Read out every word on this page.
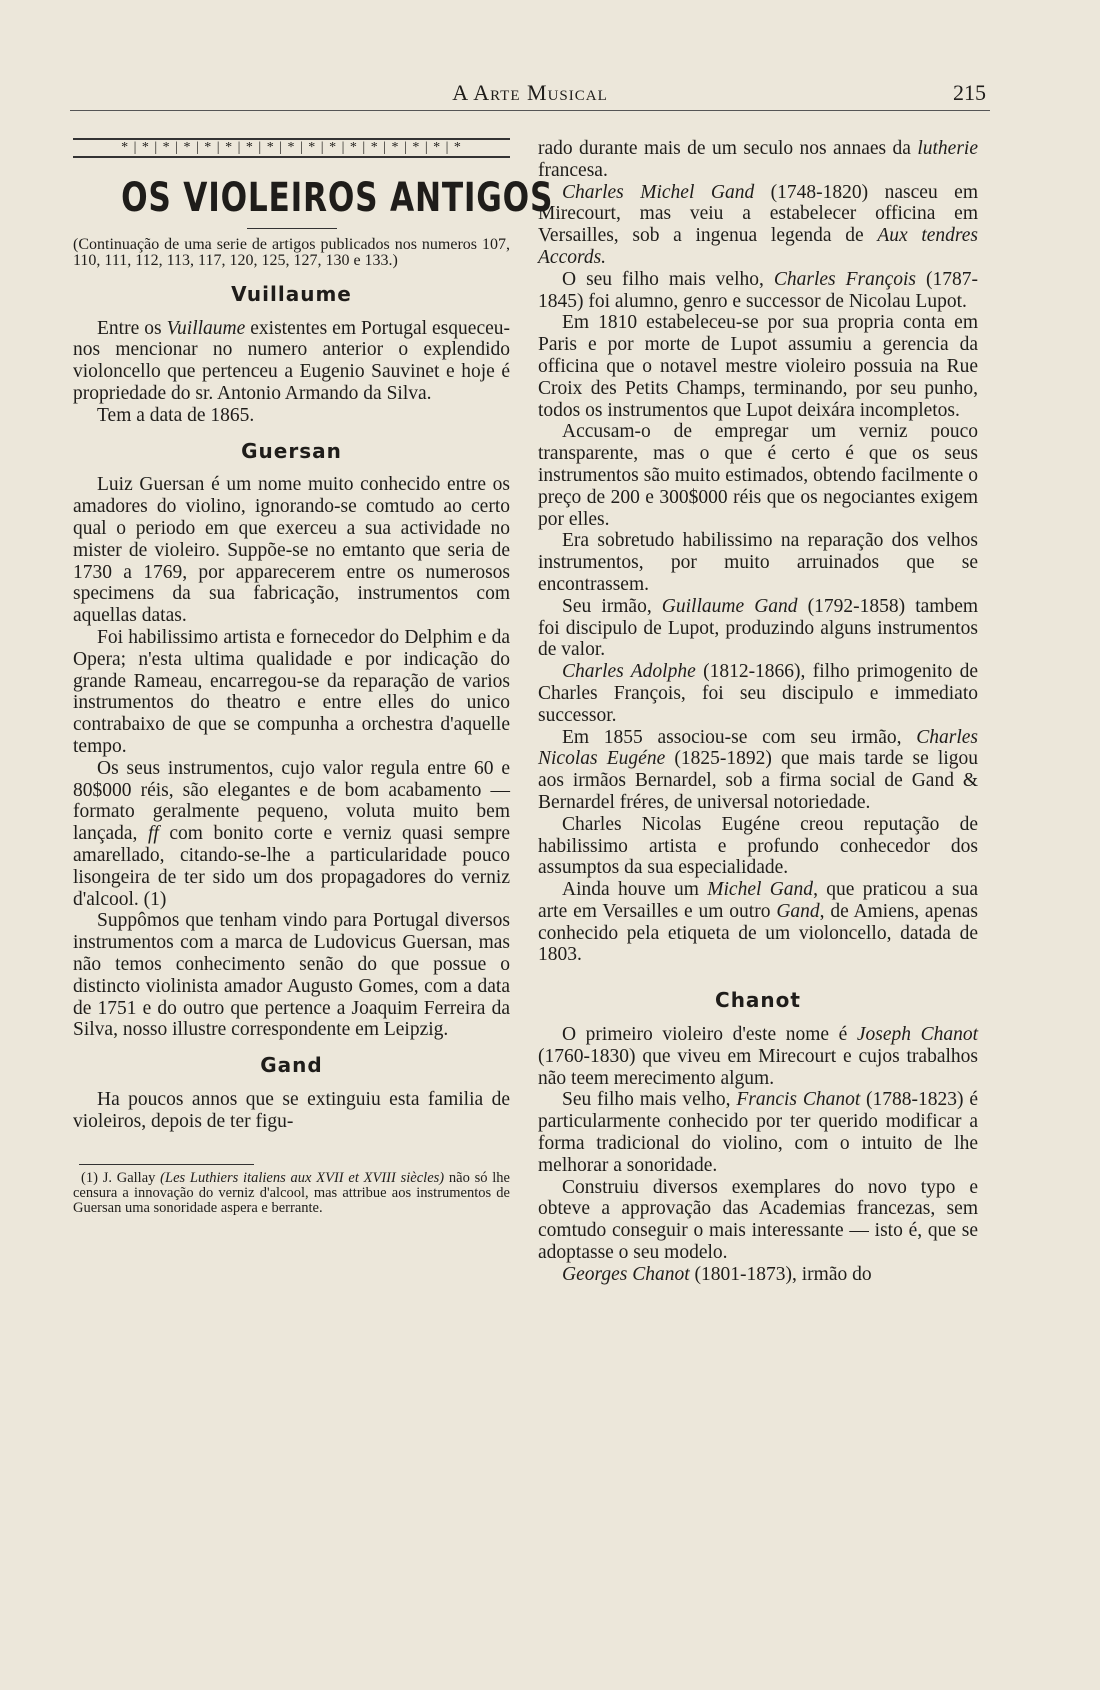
A Arte Musical	215
* | * | * | * | * | * | * | * | * | * | * | * | * | * | * | * | *
OS VIOLEIROS ANTIGOS

(Continuação de uma serie de artigos publicados nos numeros 107, 110, 111, 112, 113, 117, 120, 125, 127, 130 e 133.)

Vuillaume

Entre os Vuillaume existentes em Portugal esqueceu-nos mencionar no numero anterior o explendido violoncello que pertenceu a Eugenio Sauvinet e hoje é propriedade do sr. Antonio Armando da Silva.

Tem a data de 1865.

Guersan

Luiz Guersan é um nome muito conhecido entre os amadores do violino, ignorando-se comtudo ao certo qual o periodo em que exerceu a sua actividade no mister de violeiro. Suppõe-se no emtanto que seria de 1730 a 1769, por apparecerem entre os numerosos specimens da sua fabricação, instrumentos com aquellas datas.

Foi habilissimo artista e fornecedor do Delphim e da Opera; n'esta ultima qualidade e por indicação do grande Rameau, encarregou-se da reparação de varios instrumentos do theatro e entre elles do unico contrabaixo de que se compunha a orchestra d'aquelle tempo.

Os seus instrumentos, cujo valor regula entre 60 e 80$000 réis, são elegantes e de bom acabamento — formato geralmente pequeno, voluta muito bem lançada, ff com bonito corte e verniz quasi sempre amarellado, citando-se-lhe a particularidade pouco lisongeira de ter sido um dos propagadores do verniz d'alcool. (1)

Suppômos que tenham vindo para Portugal diversos instrumentos com a marca de Ludovicus Guersan, mas não temos conhecimento senão do que possue o distincto violinista amador Augusto Gomes, com a data de 1751 e do outro que pertence a Joaquim Ferreira da Silva, nosso illustre correspondente em Leipzig.

Gand

Ha poucos annos que se extinguiu esta familia de violeiros, depois de ter figu-

(1) J. Gallay (Les Luthiers italiens aux XVII et XVIII siècles) não só lhe censura a innovação do verniz d'alcool, mas attribue aos instrumentos de Guersan uma sonoridade aspera e berrante.

rado durante mais de um seculo nos annaes da lutherie francesa.

Charles Michel Gand (1748-1820) nasceu em Mirecourt, mas veiu a estabelecer officina em Versailles, sob a ingenua legenda de Aux tendres Accords.

O seu filho mais velho, Charles François (1787-1845) foi alumno, genro e successor de Nicolau Lupot.

Em 1810 estabeleceu-se por sua propria conta em Paris e por morte de Lupot assumiu a gerencia da officina que o notavel mestre violeiro possuia na Rue Croix des Petits Champs, terminando, por seu punho, todos os instrumentos que Lupot deixára incompletos.

Accusam-o de empregar um verniz pouco transparente, mas o que é certo é que os seus instrumentos são muito estimados, obtendo facilmente o preço de 200 e 300$000 réis que os negociantes exigem por elles.

Era sobretudo habilissimo na reparação dos velhos instrumentos, por muito arruinados que se encontrassem.

Seu irmão, Guillaume Gand (1792-1858) tambem foi discipulo de Lupot, produzindo alguns instrumentos de valor.

Charles Adolphe (1812-1866), filho primogenito de Charles François, foi seu discipulo e immediato successor.

Em 1855 associou-se com seu irmão, Charles Nicolas Eugéne (1825-1892) que mais tarde se ligou aos irmãos Bernardel, sob a firma social de Gand & Bernardel fréres, de universal notoriedade.

Charles Nicolas Eugéne creou reputação de habilissimo artista e profundo conhecedor dos assumptos da sua especialidade.

Ainda houve um Michel Gand, que praticou a sua arte em Versailles e um outro Gand, de Amiens, apenas conhecido pela etiqueta de um violoncello, datada de 1803.

Chanot

O primeiro violeiro d'este nome é Joseph Chanot (1760-1830) que viveu em Mirecourt e cujos trabalhos não teem merecimento algum.

Seu filho mais velho, Francis Chanot (1788-1823) é particularmente conhecido por ter querido modificar a forma tradicional do violino, com o intuito de lhe melhorar a sonoridade.

Construiu diversos exemplares do novo typo e obteve a approvação das Academias francezas, sem comtudo conseguir o mais interessante — isto é, que se adoptasse o seu modelo.

Georges Chanot (1801-1873), irmão do
